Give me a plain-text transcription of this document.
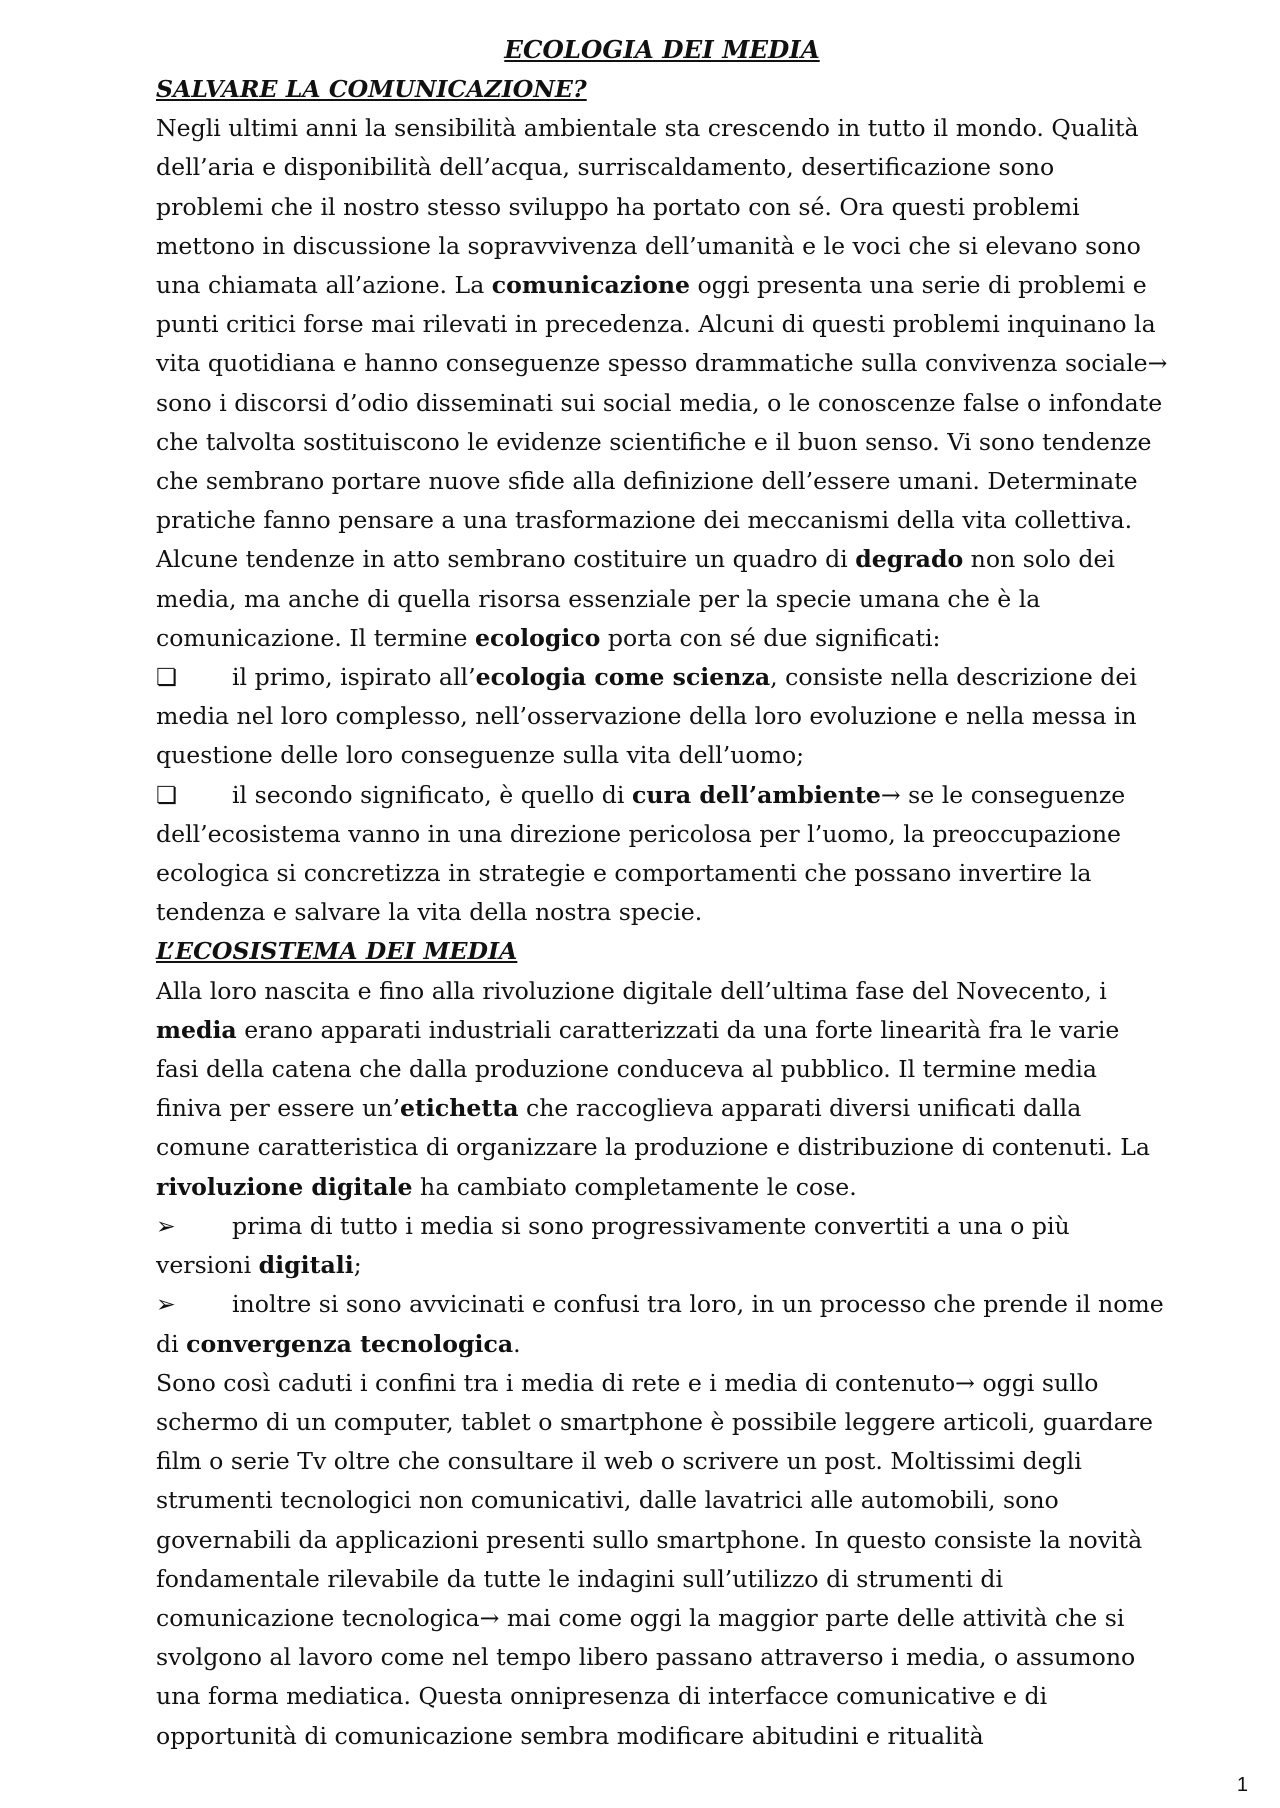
ECOLOGIA DEI MEDIA
SALVARE LA COMUNICAZIONE?

Negli ultimi anni la sensibilità ambientale sta crescendo in tutto il mondo. Qualità dell’aria e disponibilità dell’acqua, surriscaldamento, desertificazione sono problemi che il nostro stesso sviluppo ha portato con sé. Ora questi problemi mettono in discussione la sopravvivenza dell’umanità e le voci che si elevano sono una chiamata all’azione. La comunicazione oggi presenta una serie di problemi e punti critici forse mai rilevati in precedenza. Alcuni di questi problemi inquinano la vita quotidiana e hanno conseguenze spesso drammatiche sulla convivenza sociale→ sono i discorsi d’odio disseminati sui social media, o le conoscenze false o infondate che talvolta sostituiscono le evidenze scientifiche e il buon senso. Vi sono tendenze che sembrano portare nuove sfide alla definizione dell’essere umani. Determinate pratiche fanno pensare a una trasformazione dei meccanismi della vita collettiva. Alcune tendenze in atto sembrano costituire un quadro di degrado non solo dei media, ma anche di quella risorsa essenziale per la specie umana che è la comunicazione. Il termine ecologico porta con sé due significati:

❏ il primo, ispirato all’ecologia come scienza, consiste nella descrizione dei media nel loro complesso, nell’osservazione della loro evoluzione e nella messa in questione delle loro conseguenze sulla vita dell’uomo;

❏ il secondo significato, è quello di cura dell’ambiente→ se le conseguenze dell’ecosistema vanno in una direzione pericolosa per l’uomo, la preoccupazione ecologica si concretizza in strategie e comportamenti che possano invertire la tendenza e salvare la vita della nostra specie.

L’ECOSISTEMA DEI MEDIA

Alla loro nascita e fino alla rivoluzione digitale dell’ultima fase del Novecento, i media erano apparati industriali caratterizzati da una forte linearità fra le varie fasi della catena che dalla produzione conduceva al pubblico. Il termine media finiva per essere un’etichetta che raccoglieva apparati diversi unificati dalla comune caratteristica di organizzare la produzione e distribuzione di contenuti. La rivoluzione digitale ha cambiato completamente le cose.

➢ prima di tutto i media si sono progressivamente convertiti a una o più versioni digitali;

➢ inoltre si sono avvicinati e confusi tra loro, in un processo che prende il nome di convergenza tecnologica.

Sono così caduti i confini tra i media di rete e i media di contenuto→ oggi sullo schermo di un computer, tablet o smartphone è possibile leggere articoli, guardare film o serie Tv oltre che consultare il web o scrivere un post. Moltissimi degli strumenti tecnologici non comunicativi, dalle lavatrici alle automobili, sono governabili da applicazioni presenti sullo smartphone. In questo consiste la novità fondamentale rilevabile da tutte le indagini sull’utilizzo di strumenti di comunicazione tecnologica→ mai come oggi la maggior parte delle attività che si svolgono al lavoro come nel tempo libero passano attraverso i media, o assumono una forma mediatica. Questa onnipresenza di interfacce comunicative e di opportunità di comunicazione sembra modificare abitudini e ritualità

1
